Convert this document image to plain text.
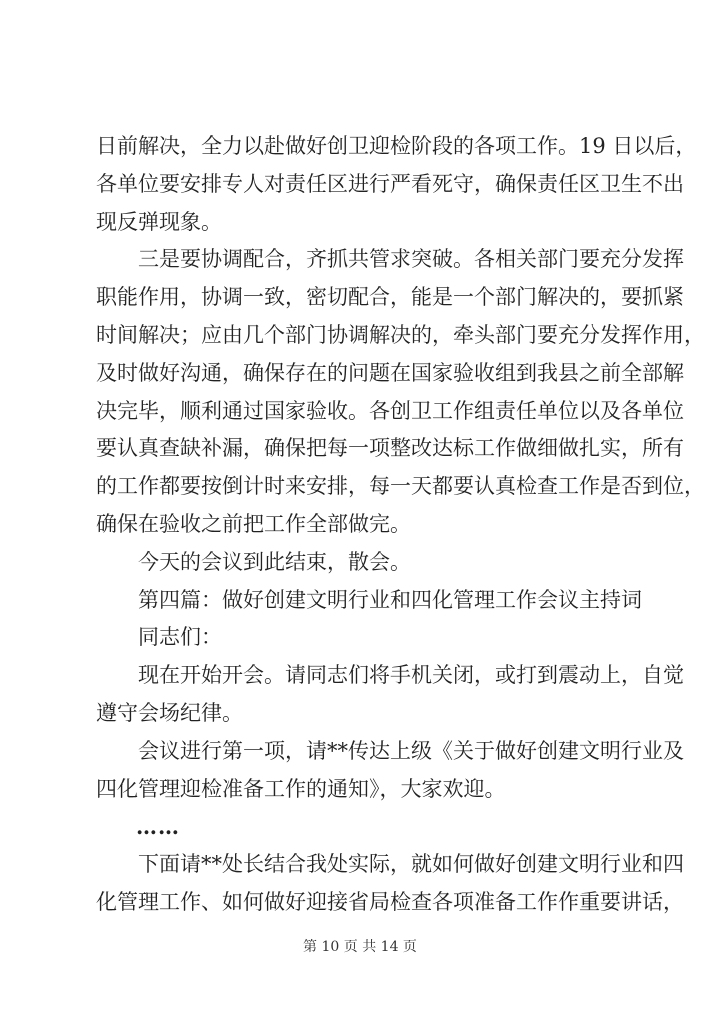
日前解决，全力以赴做好创卫迎检阶段的各项工作。19 日以后，
各单位要安排专人对责任区进行严看死守，确保责任区卫生不出
现反弹现象。
三是要协调配合，齐抓共管求突破。各相关部门要充分发挥
职能作用，协调一致，密切配合，能是一个部门解决的，要抓紧
时间解决；应由几个部门协调解决的，牵头部门要充分发挥作用，
及时做好沟通，确保存在的问题在国家验收组到我县之前全部解
决完毕，顺利通过国家验收。各创卫工作组责任单位以及各单位
要认真查缺补漏，确保把每一项整改达标工作做细做扎实，所有
的工作都要按倒计时来安排，每一天都要认真检查工作是否到位，
确保在验收之前把工作全部做完。
今天的会议到此结束，散会。
第四篇：做好创建文明行业和四化管理工作会议主持词
同志们：
现在开始开会。请同志们将手机关闭，或打到震动上，自觉
遵守会场纪律。
会议进行第一项，请**传达上级《关于做好创建文明行业及
四化管理迎检准备工作的通知》，大家欢迎。
……
下面请**处长结合我处实际，就如何做好创建文明行业和四
化管理工作、如何做好迎接省局检查各项准备工作作重要讲话，
第 10 页 共 14 页
